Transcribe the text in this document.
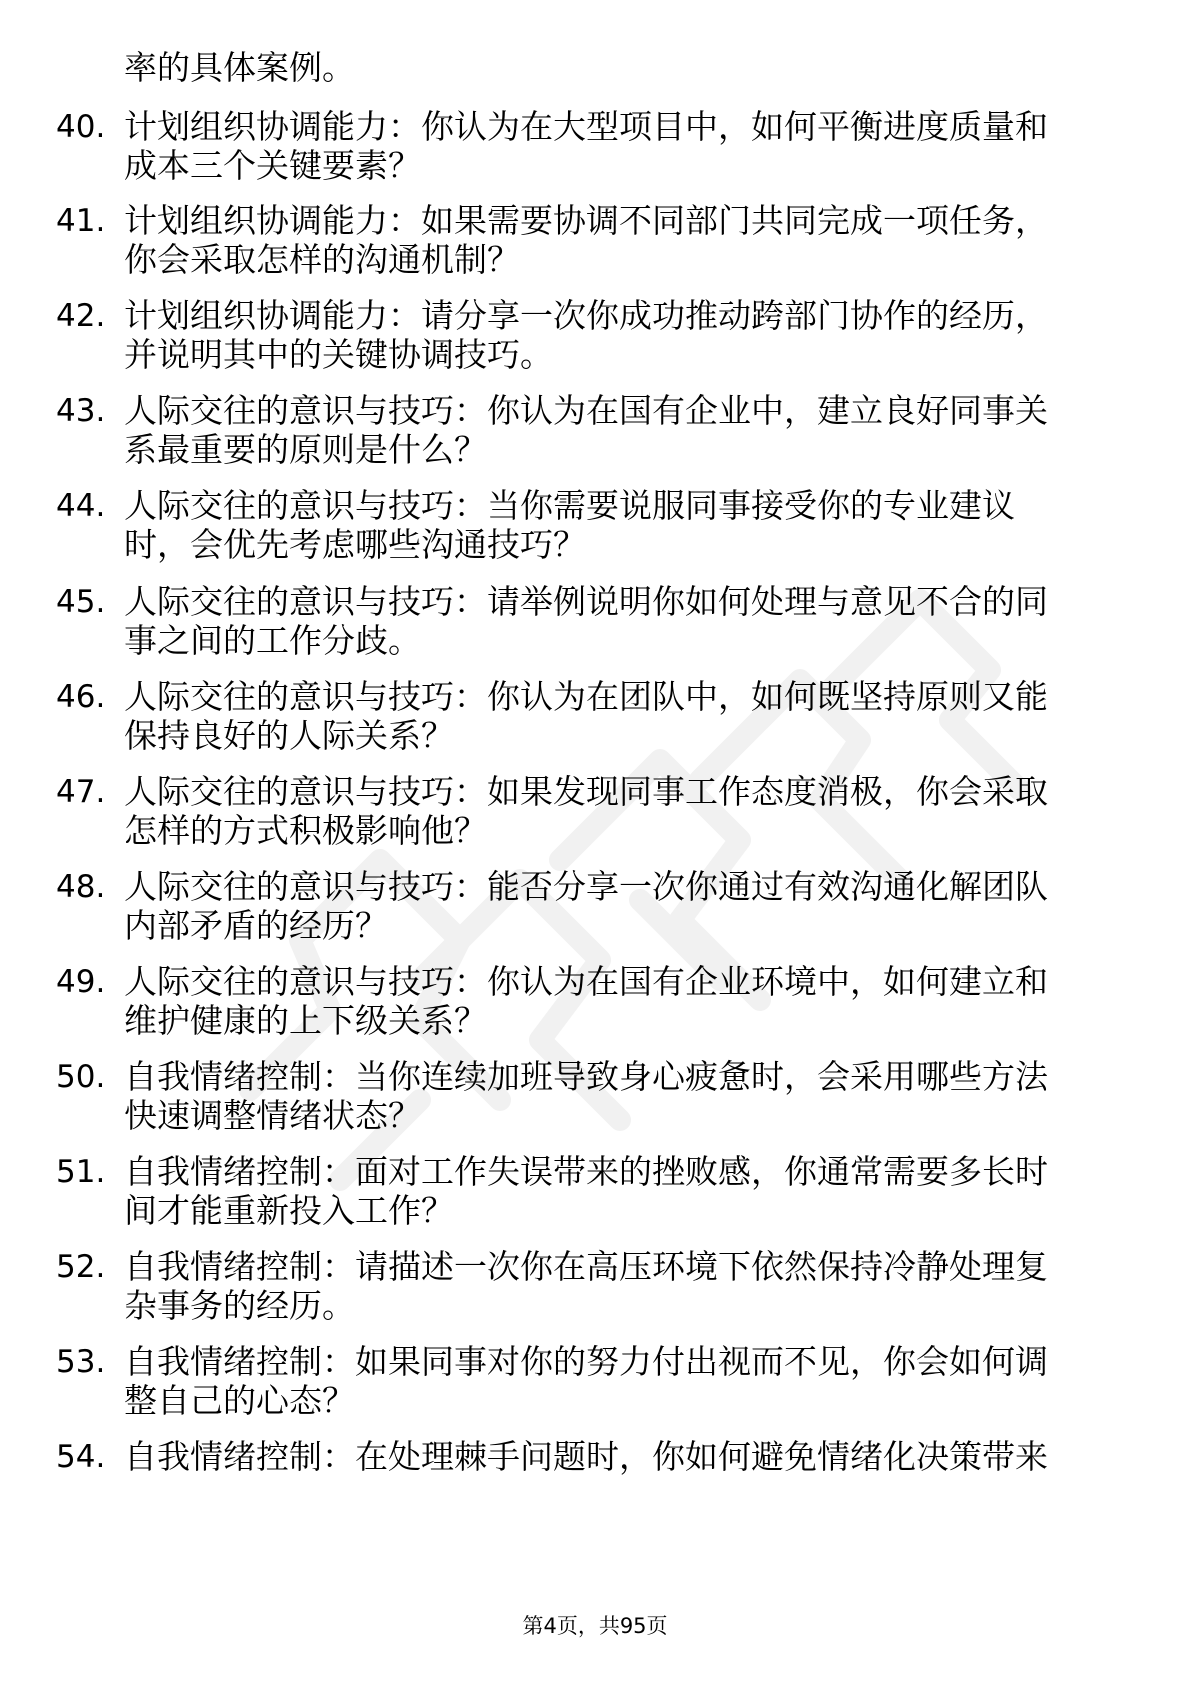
率的具体案例。
40. 计划组织协调能力：你认为在大型项目中，如何平衡进度质量和
成本三个关键要素？
41. 计划组织协调能力：如果需要协调不同部门共同完成一项任务，
你会采取怎样的沟通机制？
42. 计划组织协调能力：请分享一次你成功推动跨部门协作的经历，
并说明其中的关键协调技巧。
43. 人际交往的意识与技巧：你认为在国有企业中，建立良好同事关
系最重要的原则是什么？
44. 人际交往的意识与技巧：当你需要说服同事接受你的专业建议
时，会优先考虑哪些沟通技巧？
45. 人际交往的意识与技巧：请举例说明你如何处理与意见不合的同
事之间的工作分歧。
46. 人际交往的意识与技巧：你认为在团队中，如何既坚持原则又能
保持良好的人际关系？
47. 人际交往的意识与技巧：如果发现同事工作态度消极，你会采取
怎样的方式积极影响他？
48. 人际交往的意识与技巧：能否分享一次你通过有效沟通化解团队
内部矛盾的经历？
49. 人际交往的意识与技巧：你认为在国有企业环境中，如何建立和
维护健康的上下级关系？
50. 自我情绪控制：当你连续加班导致身心疲惫时，会采用哪些方法
快速调整情绪状态？
51. 自我情绪控制：面对工作失误带来的挫败感，你通常需要多长时
间才能重新投入工作？
52. 自我情绪控制：请描述一次你在高压环境下依然保持冷静处理复
杂事务的经历。
53. 自我情绪控制：如果同事对你的努力付出视而不见，你会如何调
整自己的心态？
54. 自我情绪控制：在处理棘手问题时，你如何避免情绪化决策带来
第4页，共95页
